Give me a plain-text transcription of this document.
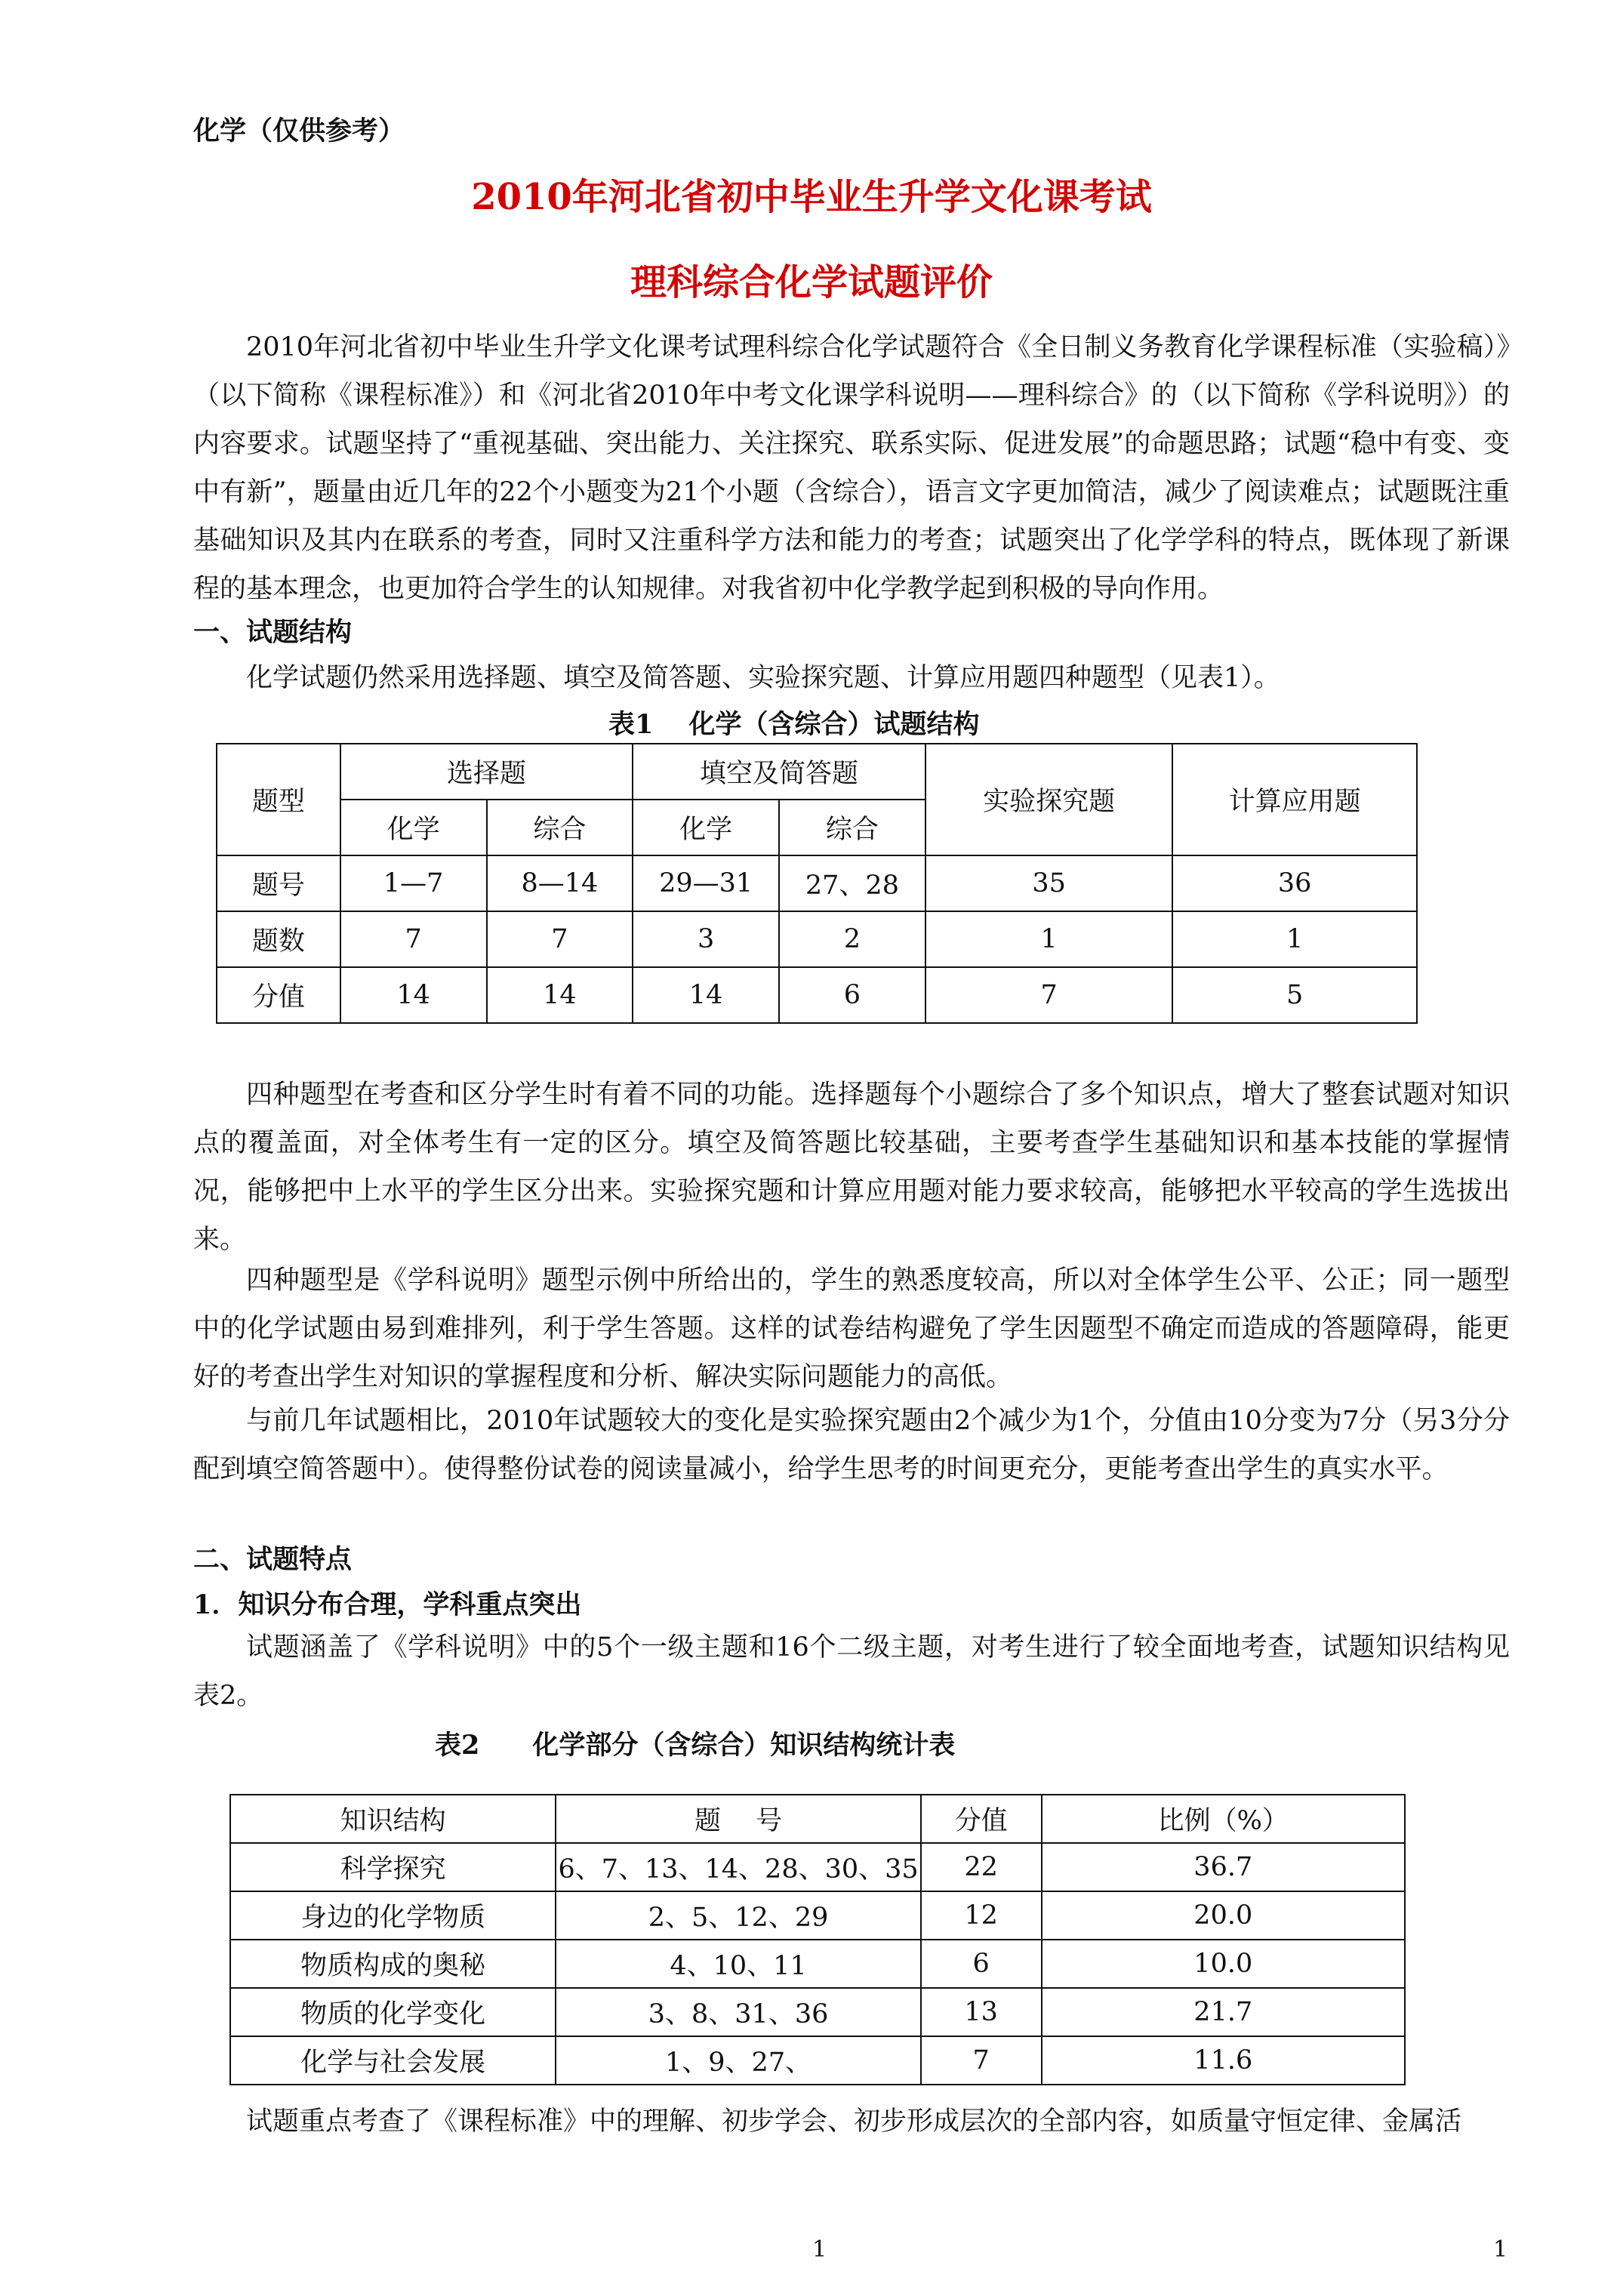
化学（仅供参考）
2010年河北省初中毕业生升学文化课考试
理科综合化学试题评价

2010年河北省初中毕业生升学文化课考试理科综合化学试题符合《全日制义务教育化学课程标准（实验稿）》（以下简称《课程标准》）和《河北省2010年中考文化课学科说明——理科综合》的（以下简称《学科说明》）的内容要求。试题坚持了“重视基础、突出能力、关注探究、联系实际、促进发展”的命题思路；试题“稳中有变、变中有新”，题量由近几年的22个小题变为21个小题（含综合），语言文字更加简洁，减少了阅读难点；试题既注重基础知识及其内在联系的考查，同时又注重科学方法和能力的考查；试题突出了化学学科的特点，既体现了新课程的基本理念，也更加符合学生的认知规律。对我省初中化学教学起到积极的导向作用。

一、试题结构

化学试题仍然采用选择题、填空及简答题、实验探究题、计算应用题四种题型（见表1）。

表1　 化学（含综合）试题结构
题型	选择题		填空及简答题		实验探究题	计算应用题
	化学	综合	化学	综合		
题号	1—7	8—14	29—31	27、28	35	36
题数	7	7	3	2	1	1
分值	14	14	14	6	7	5

四种题型在考查和区分学生时有着不同的功能。选择题每个小题综合了多个知识点，增大了整套试题对知识点的覆盖面，对全体考生有一定的区分。填空及简答题比较基础，主要考查学生基础知识和基本技能的掌握情况，能够把中上水平的学生区分出来。实验探究题和计算应用题对能力要求较高，能够把水平较高的学生选拔出来。

四种题型是《学科说明》题型示例中所给出的，学生的熟悉度较高，所以对全体学生公平、公正；同一题型中的化学试题由易到难排列，利于学生答题。这样的试卷结构避免了学生因题型不确定而造成的答题障碍，能更好的考查出学生对知识的掌握程度和分析、解决实际问题能力的高低。

与前几年试题相比，2010年试题较大的变化是实验探究题由2个减少为1个，分值由10分变为7分（另3分分配到填空简答题中）。使得整份试卷的阅读量减小，给学生思考的时间更充分，更能考查出学生的真实水平。

二、试题特点
1．知识分布合理，学科重点突出

试题涵盖了《学科说明》中的5个一级主题和16个二级主题，对考生进行了较全面地考查，试题知识结构见表2。

表2　　化学部分（含综合）知识结构统计表
知识结构	题　 号	分值	比例（%）
科学探究	6、7、13、14、28、30、35	22	36.7
身边的化学物质	2、5、12、29	12	20.0
物质构成的奥秘	4、10、11	6	10.0
物质的化学变化	3、8、31、36	13	21.7
化学与社会发展	1、9、27、	7	11.6

试题重点考查了《课程标准》中的理解、初步学会、初步形成层次的全部内容，如质量守恒定律、金属活

1	1
